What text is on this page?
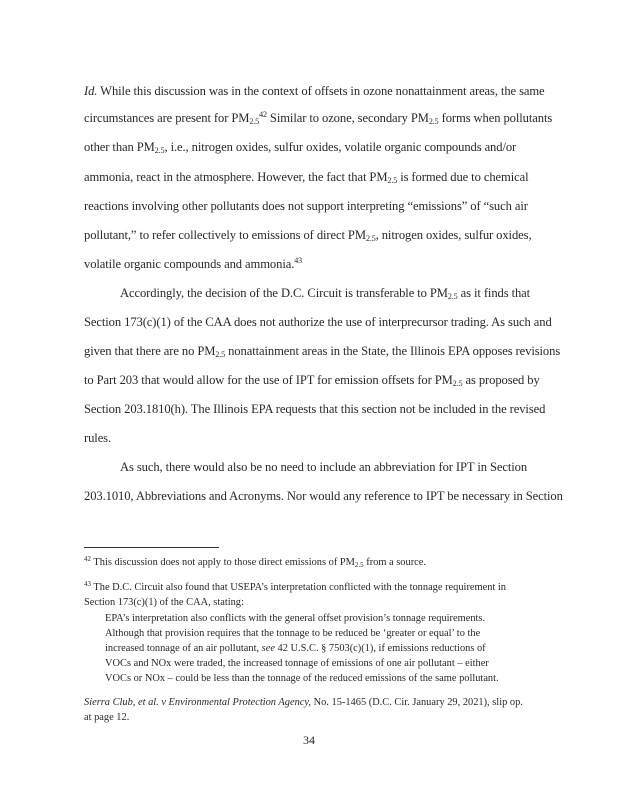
Id. While this discussion was in the context of offsets in ozone nonattainment areas, the same
circumstances are present for $PM2.5^{42}$ Similar to ozone, secondary PM2.5 forms when pollutants
other than PM2.5, i.e., nitrogen oxides, sulfur oxides, volatile organic compounds and/or
ammonia, react in the atmosphere. However, the fact that PM2.5 is formed due to chemical
reactions involving other pollutants does not support interpreting “emissions” of “such air
pollutant,” to refer collectively to emissions of direct PM2.5, nitrogen oxides, sulfur oxides,
volatile organic compounds and ammonia.$^{43}$
Accordingly, the decision of the D.C. Circuit is transferable to PM2.5 as it finds that
Section 173(c)(1) of the CAA does not authorize the use of interprecursor trading. As such and
given that there are no PM2.5 nonattainment areas in the State, the Illinois EPA opposes revisions
to Part 203 that would allow for the use of IPT for emission offsets for PM2.5 as proposed by
Section 203.1810(h). The Illinois EPA requests that this section not be included in the revised
rules.
As such, there would also be no need to include an abbreviation for IPT in Section
203.1010, Abbreviations and Acronyms. Nor would any reference to IPT be necessary in Section
$^{42}$ This discussion does not apply to those direct emissions of PM2.5 from a source.
$^{43}$ The D.C. Circuit also found that USEPA’s interpretation conflicted with the tonnage requirement in
Section 173(c)(1) of the CAA, stating:
EPA’s interpretation also conflicts with the general offset provision’s tonnage requirements.
Although that provision requires that the tonnage to be reduced be ‘greater or equal’ to the
increased tonnage of an air pollutant, see 42 U.S.C. § 7503(c)(1), if emissions reductions of
VOCs and NOx were traded, the increased tonnage of emissions of one air pollutant – either
VOCs or NOx – could be less than the tonnage of the reduced emissions of the same pollutant.
Sierra Club, et al. v Environmental Protection Agency, No. 15-1465 (D.C. Cir. January 29, 2021), slip op.
at page 12.
34
